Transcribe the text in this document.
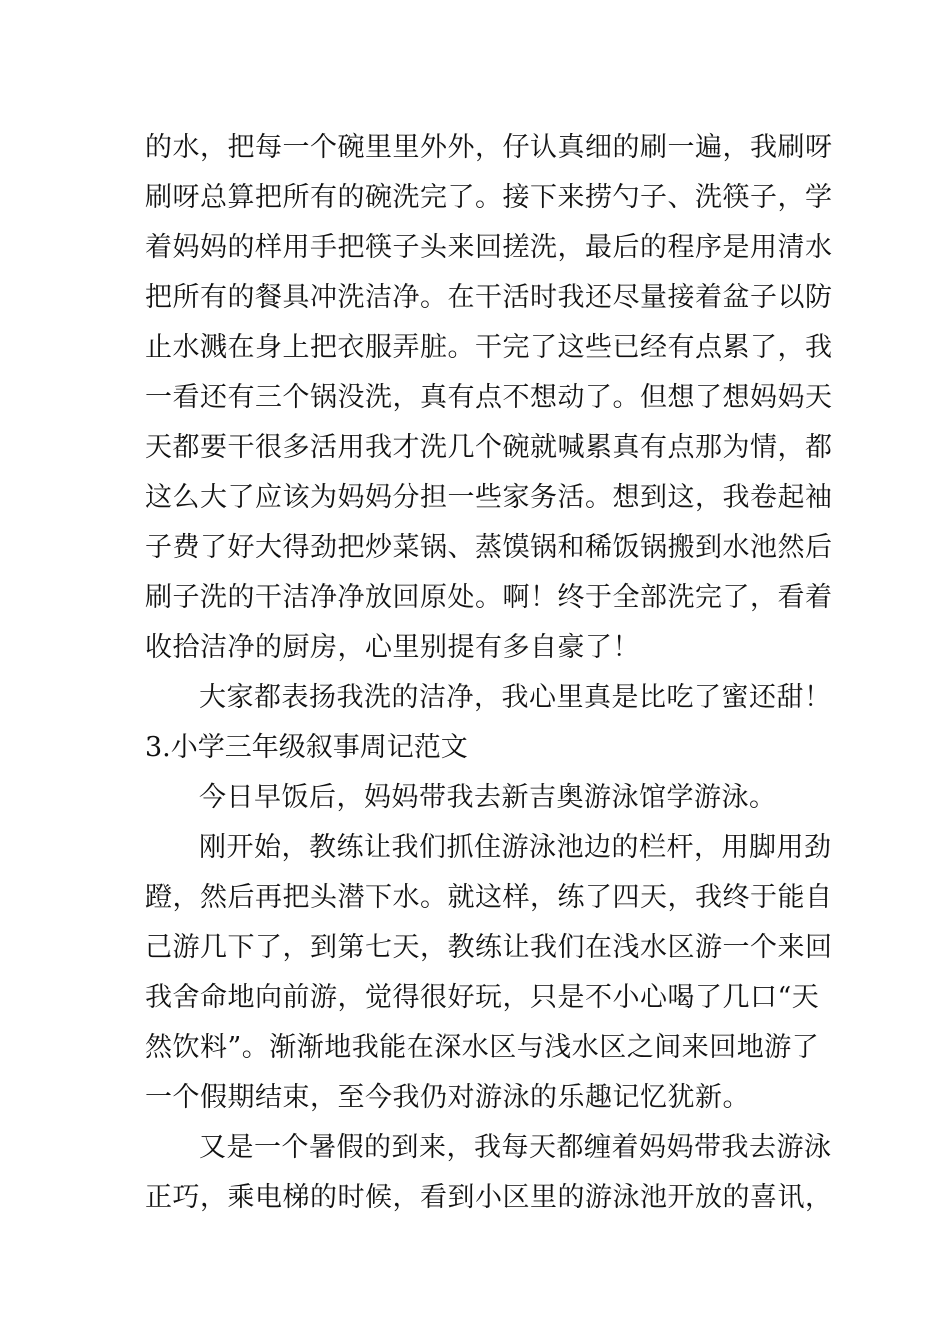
的水，把每一个碗里里外外，仔认真细的刷一遍，我刷呀
刷呀总算把所有的碗洗完了。接下来捞勺子、洗筷子，学
着妈妈的样用手把筷子头来回搓洗，最后的程序是用清水
把所有的餐具冲洗洁净。在干活时我还尽量接着盆子以防
止水溅在身上把衣服弄脏。干完了这些已经有点累了，我
一看还有三个锅没洗，真有点不想动了。但想了想妈妈天
天都要干很多活用我才洗几个碗就喊累真有点那为情，都
这么大了应该为妈妈分担一些家务活。想到这，我卷起袖
子费了好大得劲把炒菜锅、蒸馍锅和稀饭锅搬到水池然后
刷子洗的干洁净净放回原处。啊！终于全部洗完了，看着
收拾洁净的厨房，心里别提有多自豪了！
大家都表扬我洗的洁净，我心里真是比吃了蜜还甜！
3.小学三年级叙事周记范文
今日早饭后，妈妈带我去新吉奥游泳馆学游泳。
刚开始，教练让我们抓住游泳池边的栏杆，用脚用劲
蹬，然后再把头潜下水。就这样，练了四天，我终于能自
己游几下了，到第七天，教练让我们在浅水区游一个来回
我舍命地向前游，觉得很好玩，只是不小心喝了几口“天
然饮料”。渐渐地我能在深水区与浅水区之间来回地游了
一个假期结束，至今我仍对游泳的乐趣记忆犹新。
又是一个暑假的到来，我每天都缠着妈妈带我去游泳
正巧，乘电梯的时候，看到小区里的游泳池开放的喜讯，
